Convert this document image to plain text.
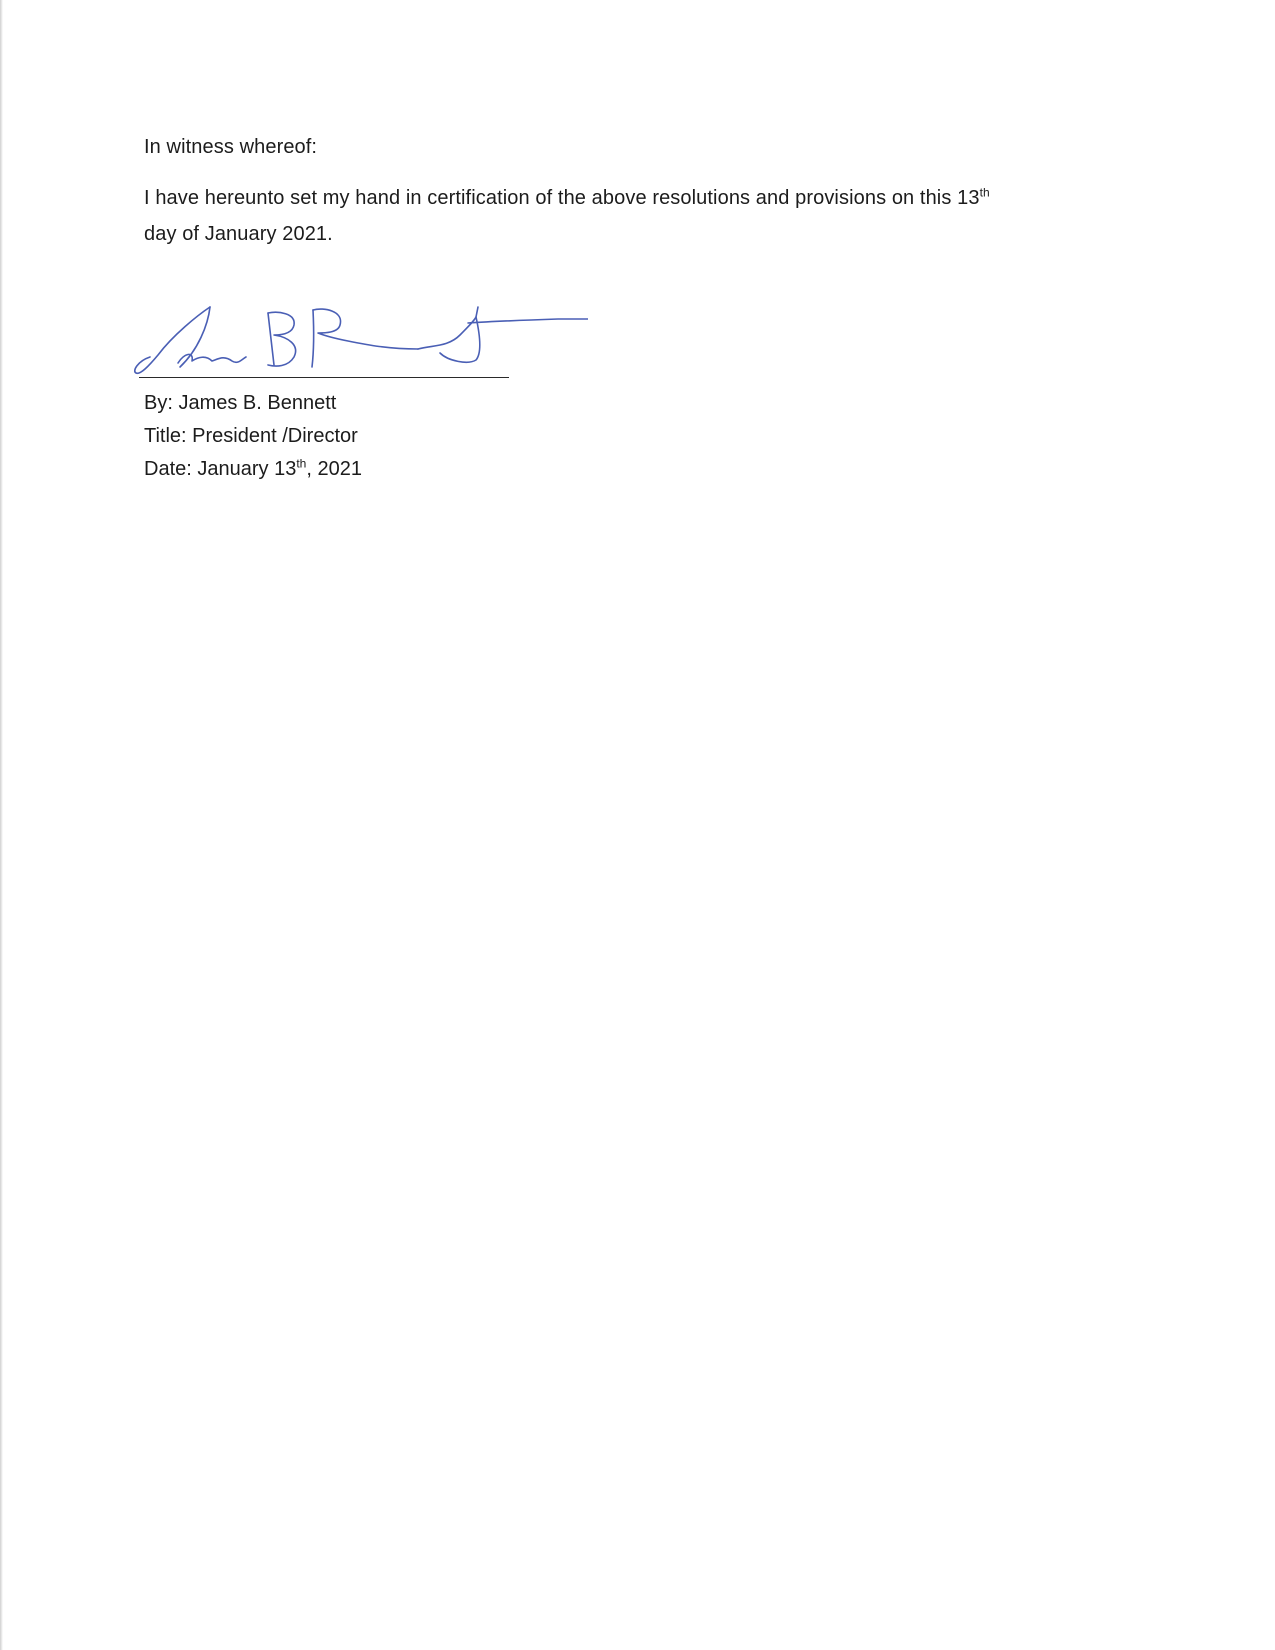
In witness whereof:
I have hereunto set my hand in certification of the above resolutions and provisions on this 13th
day of January 2021.
By: James B. Bennett
Title: President /Director
Date: January 13th, 2021
